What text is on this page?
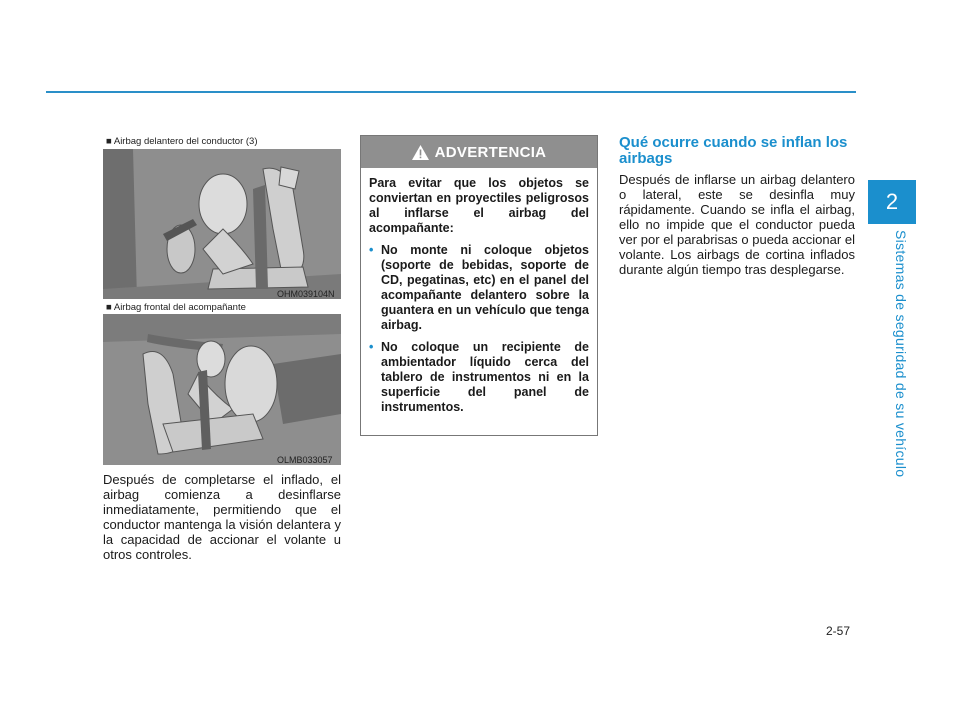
■ Airbag delantero del conductor (3)
OHM039104N
■ Airbag frontal del acompañante
OLMB033057
Después de completarse el inflado, el airbag comienza a desinflarse inmediatamente, permitiendo que el conductor mantenga la visión delantera y la capacidad de accionar el volante u otros controles.
ADVERTENCIA

Para evitar que los objetos se conviertan en proyectiles peligrosos al inflarse el airbag del acompañante:

• No monte ni coloque objetos (soporte de bebidas, soporte de CD, pegatinas, etc) en el panel del acompañante delantero sobre la guantera en un vehículo que tenga airbag.
• No coloque un recipiente de ambientador líquido cerca del tablero de instrumentos ni en la superficie del panel de instrumentos.
Qué ocurre cuando se inflan los airbags
Después de inflarse un airbag delantero o lateral, este se desinfla muy rápidamente. Cuando se infla el airbag, ello no impide que el conductor pueda ver por el parabrisas o pueda accionar el volante. Los airbags de cortina inflados durante algún tiempo tras desplegarse.
2
Sistemas de seguridad de su vehículo
2-57
